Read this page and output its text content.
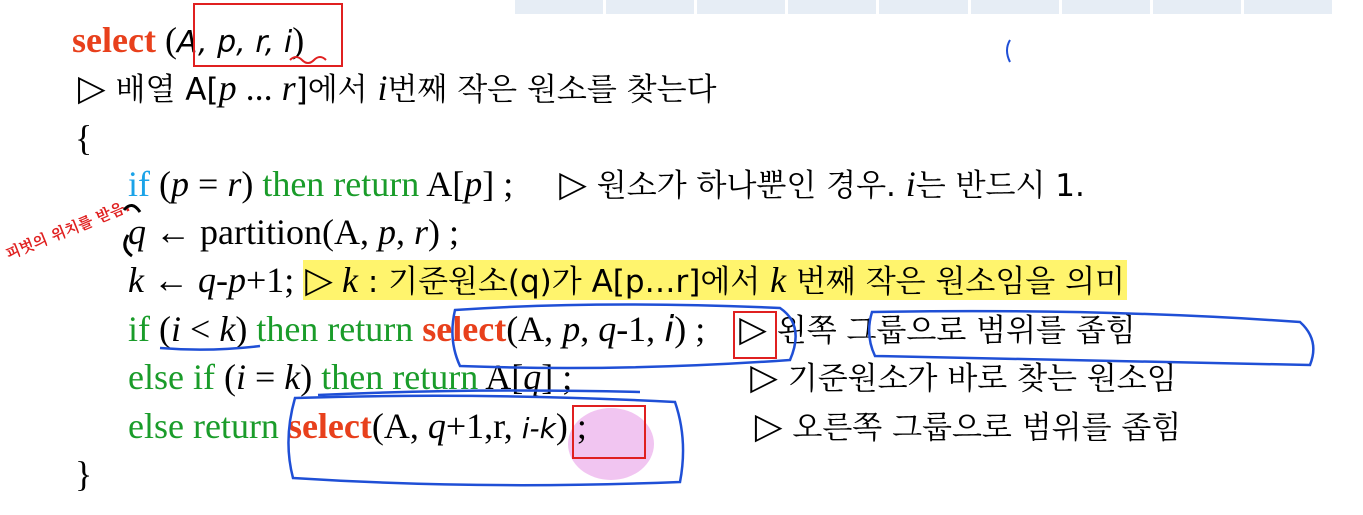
select (A, p, r, i)
▷ 배열 A[p ... r]에서 i번째 작은 원소를 찾는다
{
if (p = r) then return A[p] ; ▷ 원소가 하나뿐인 경우. i는 반드시 1.
q ← partition(A, p, r) ;
피벗의 위치를 받음.
k ← q-p+1; ▷ k : 기준원소(q)가 A[p…r]에서 k 번째 작은 원소임을 의미
if (i < k) then return select(A, p, q-1, i) ; ▷ 왼쪽 그룹으로 범위를 좁힘
else if (i = k) then return A[q] ;	▷ 기준원소가 바로 찾는 원소임
else return select(A, q+1,r, i-k) ;	▷ 오른쪽 그룹으로 범위를 좁힘
}
